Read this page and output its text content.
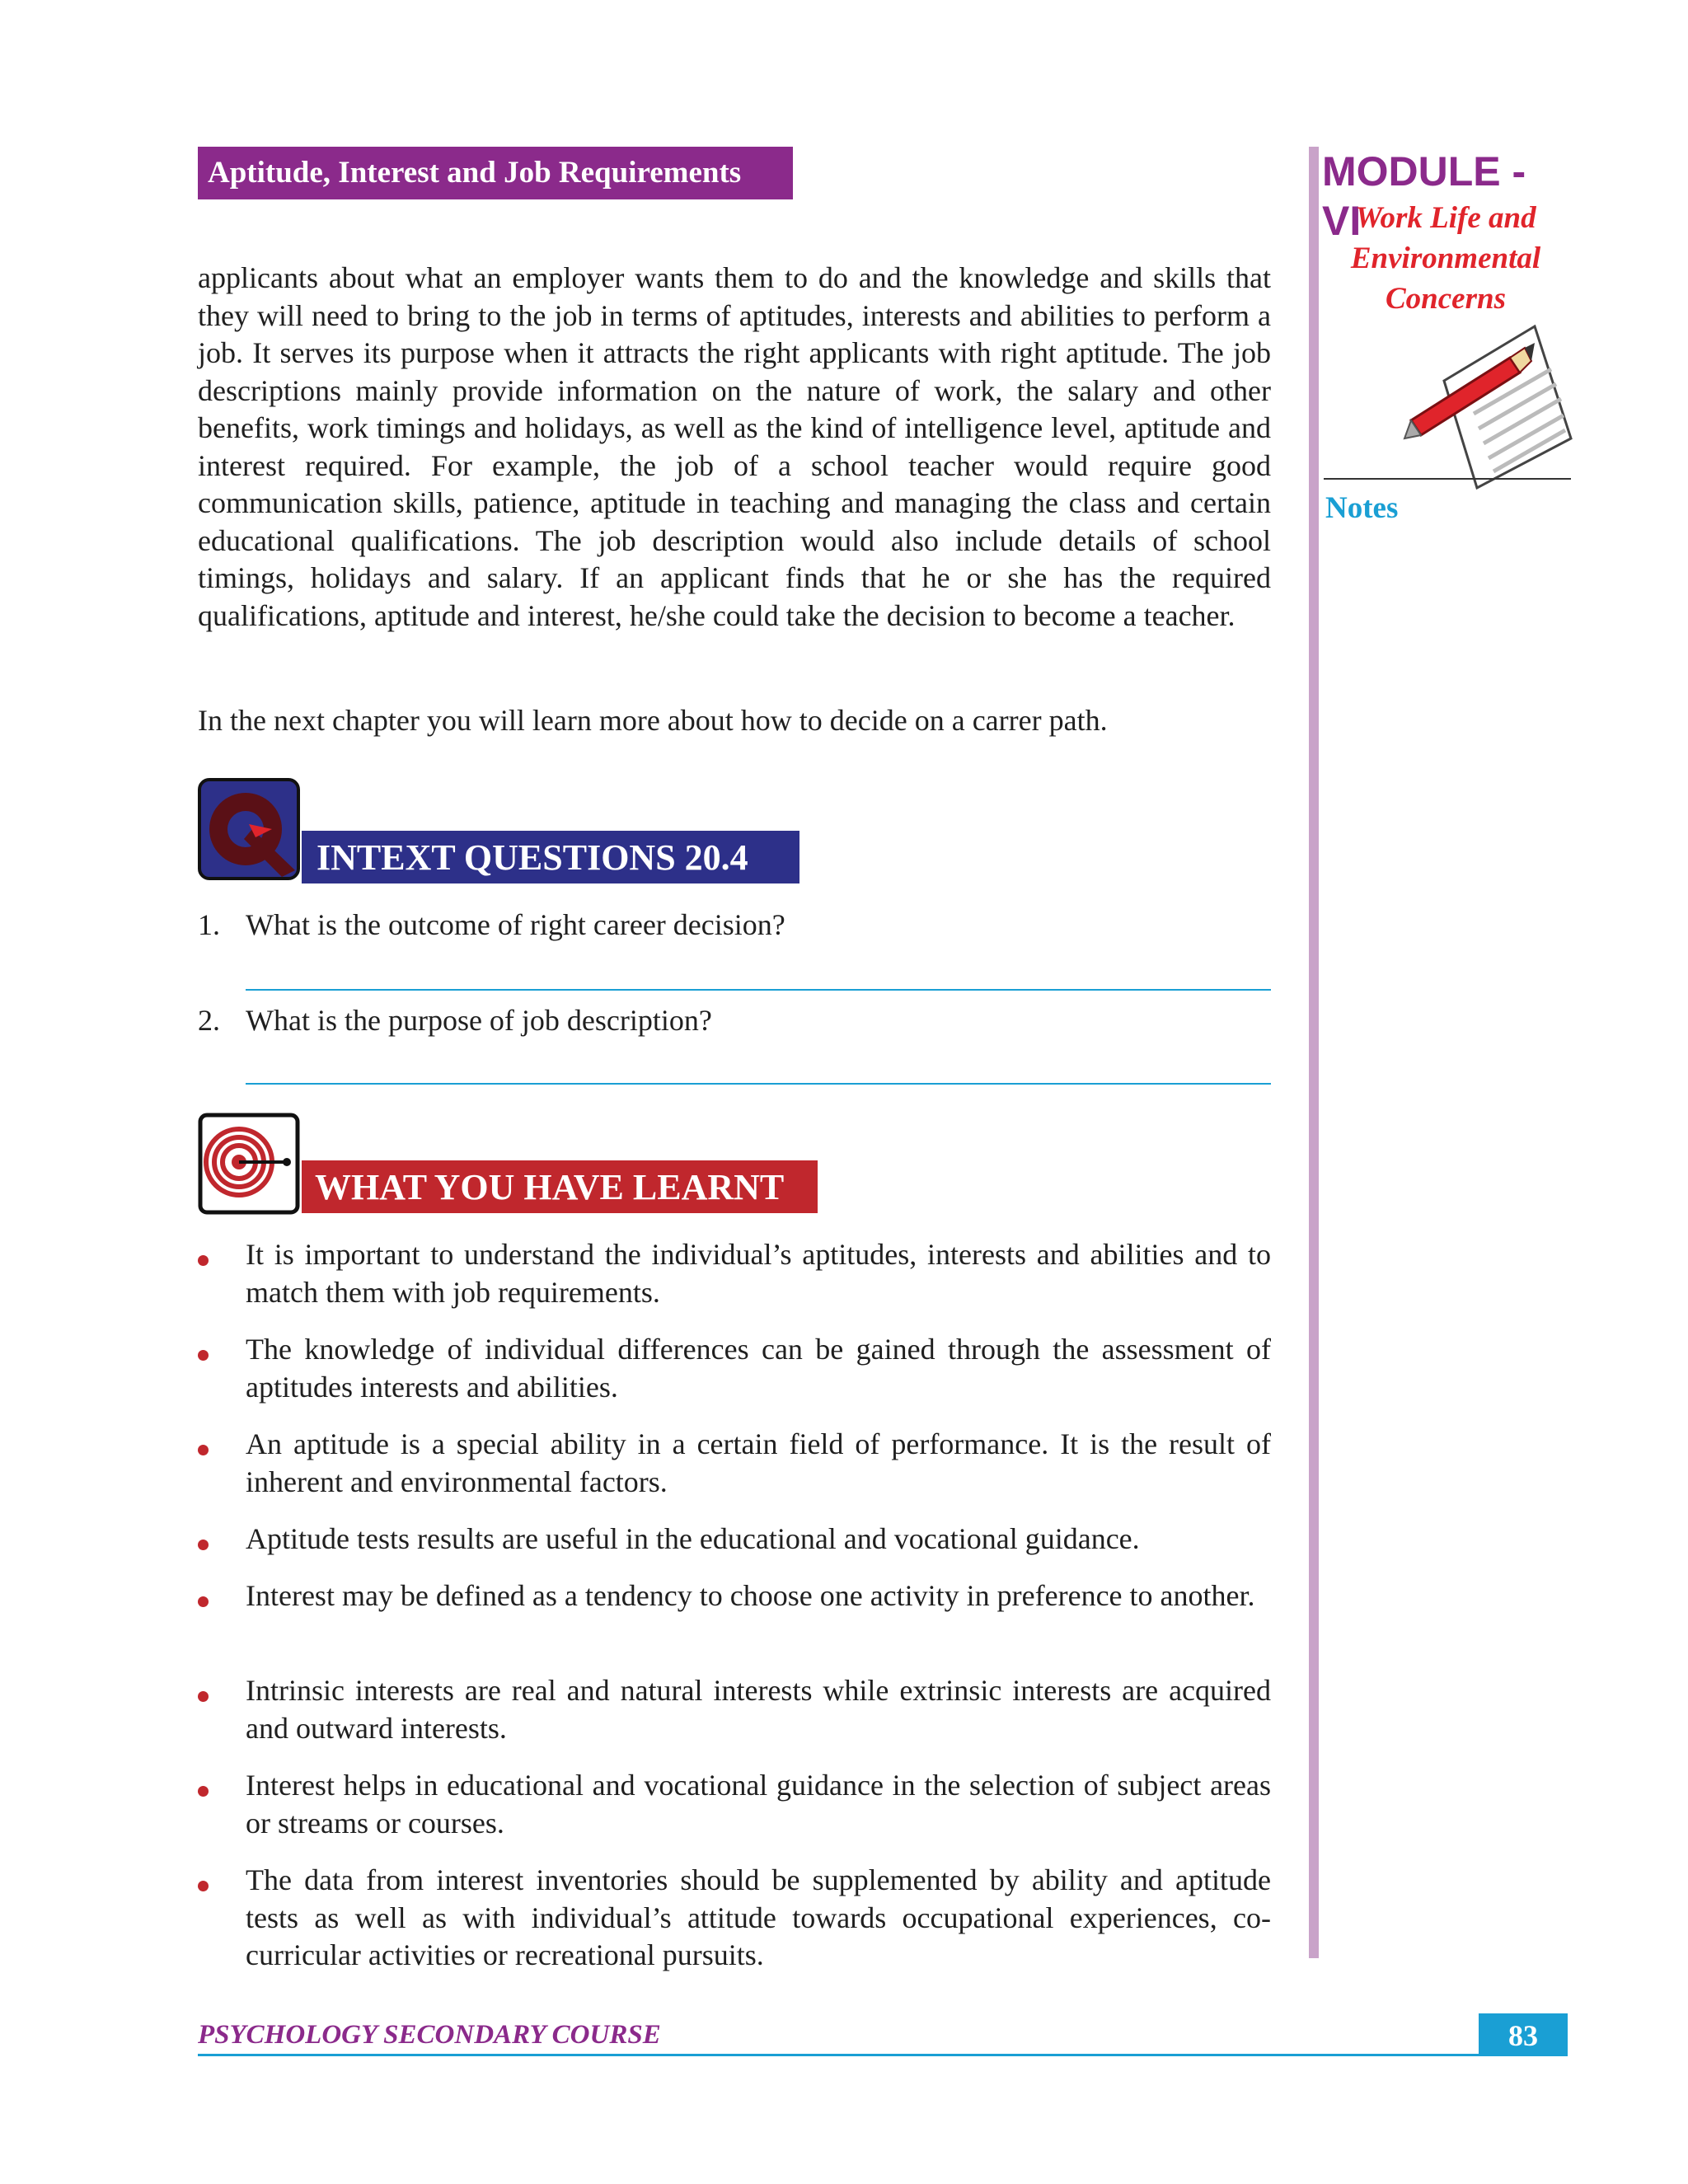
Aptitude, Interest and Job Requirements	MODULE - VI
Work Life and
Environmental
Concerns
Notes
applicants about what an employer wants them to do and the knowledge and skills that they will need to bring to the job in terms of aptitudes, interests and abilities to perform a job. It serves its purpose when it attracts the right applicants with right aptitude. The job descriptions mainly provide information on the nature of work, the salary and other benefits, work timings and holidays, as well as the kind of intelligence level, aptitude and interest required. For example, the job of a school teacher would require good communication skills, patience, aptitude in teaching and managing the class and certain educational qualifications. The job description would also include details of school timings, holidays and salary. If an applicant finds that he or she has the required qualifications, aptitude and interest, he/she could take the decision to become a teacher.
In the next chapter you will learn more about how to decide on a carrer path.
INTEXT QUESTIONS 20.4
1. What is the outcome of right career decision?
2. What is the purpose of job description?
WHAT YOU HAVE LEARNT
It is important to understand the individual’s aptitudes, interests and abilities and to match them with job requirements.
The knowledge of individual differences can be gained through the assessment of aptitudes interests and abilities.
An aptitude is a special ability in a certain field of performance. It is the result of inherent and environmental factors.
Aptitude tests results are useful in the educational and vocational guidance.
Interest may be defined as a tendency to choose one activity in preference to another.
Intrinsic interests are real and natural interests while extrinsic interests are acquired and outward interests.
Interest helps in educational and vocational guidance in the selection of subject areas or streams or courses.
The data from interest inventories should be supplemented by ability and aptitude tests as well as with individual’s attitude towards occupational experiences, co-curricular activities or recreational pursuits.
PSYCHOLOGY SECONDARY COURSE	83
